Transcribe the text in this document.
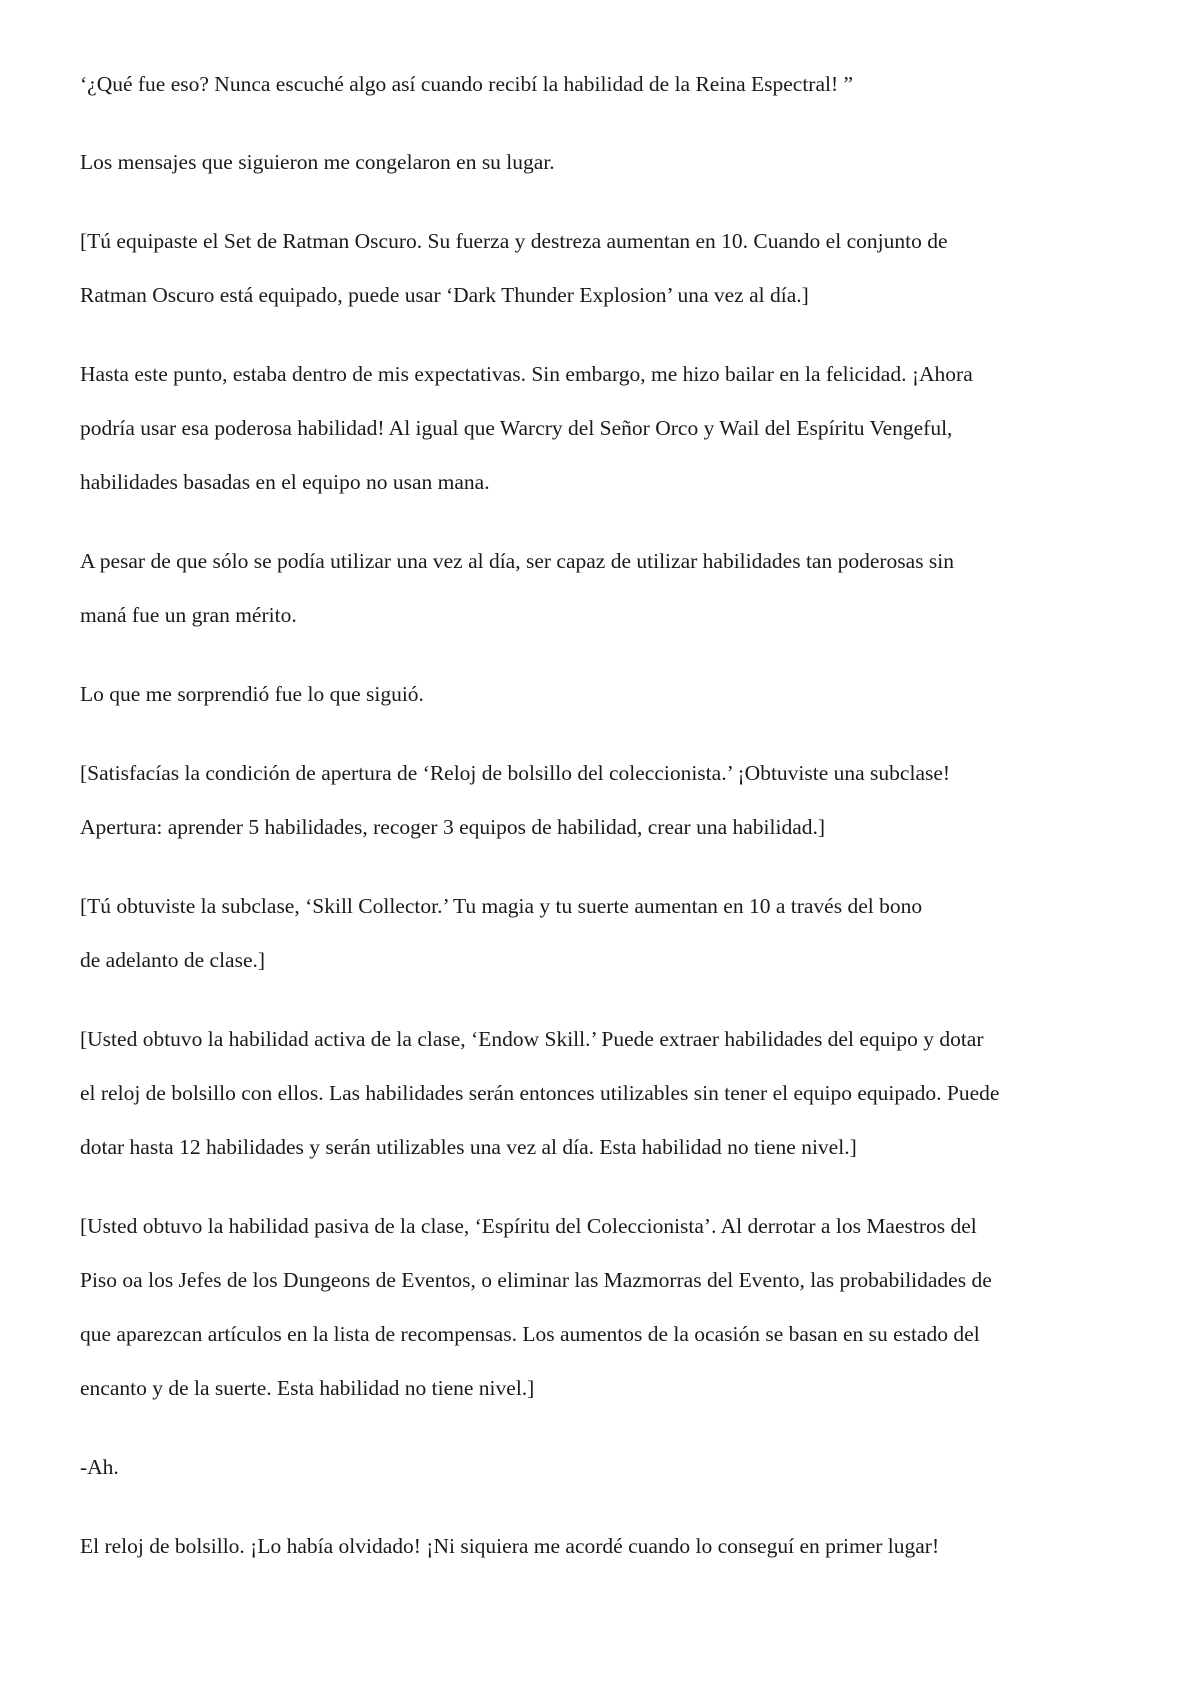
‘¿Qué fue eso? Nunca escuché algo así cuando recibí la habilidad de la Reina Espectral! ”

Los mensajes que siguieron me congelaron en su lugar.

[Tú equipaste el Set de Ratman Oscuro. Su fuerza y destreza aumentan en 10. Cuando el conjunto de
Ratman Oscuro está equipado, puede usar ‘Dark Thunder Explosion’ una vez al día.]

Hasta este punto, estaba dentro de mis expectativas. Sin embargo, me hizo bailar en la felicidad. ¡Ahora
podría usar esa poderosa habilidad! Al igual que Warcry del Señor Orco y Wail del Espíritu Vengeful,
habilidades basadas en el equipo no usan mana.

A pesar de que sólo se podía utilizar una vez al día, ser capaz de utilizar habilidades tan poderosas sin
maná fue un gran mérito.

Lo que me sorprendió fue lo que siguió.

[Satisfacías la condición de apertura de ‘Reloj de bolsillo del coleccionista.’ ¡Obtuviste una subclase!
Apertura: aprender 5 habilidades, recoger 3 equipos de habilidad, crear una habilidad.]

[Tú obtuviste la subclase, ‘Skill Collector.’ Tu magia y tu suerte aumentan en 10 a través del bono
de adelanto de clase.]

[Usted obtuvo la habilidad activa de la clase, ‘Endow Skill.’ Puede extraer habilidades del equipo y dotar
el reloj de bolsillo con ellos. Las habilidades serán entonces utilizables sin tener el equipo equipado. Puede
dotar hasta 12 habilidades y serán utilizables una vez al día. Esta habilidad no tiene nivel.]

[Usted obtuvo la habilidad pasiva de la clase, ‘Espíritu del Coleccionista’. Al derrotar a los Maestros del
Piso oa los Jefes de los Dungeons de Eventos, o eliminar las Mazmorras del Evento, las probabilidades de
que aparezcan artículos en la lista de recompensas. Los aumentos de la ocasión se basan en su estado del
encanto y de la suerte. Esta habilidad no tiene nivel.]

-Ah.

El reloj de bolsillo. ¡Lo había olvidado! ¡Ni siquiera me acordé cuando lo conseguí en primer lugar!
